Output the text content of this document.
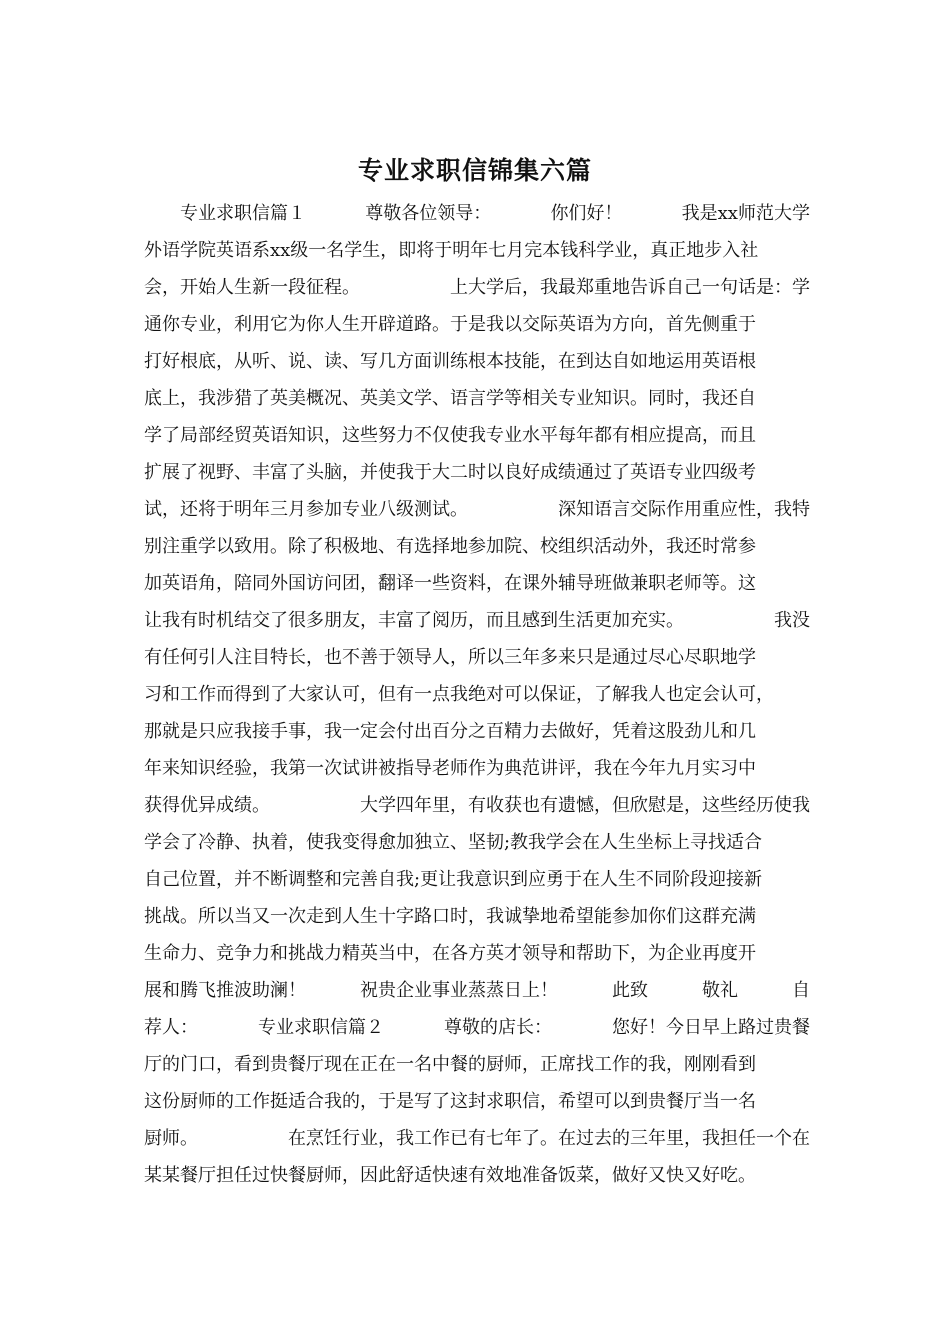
专业求职信锦集六篇
　　专业求职信篇１	尊敬各位领导：	你们好！	我是xx师范大学
外语学院英语系xx级一名学生，即将于明年七月完本钱科学业，真正地步入社
会，开始人生新一段征程。	上大学后，我最郑重地告诉自己一句话是：学
通你专业，利用它为你人生开辟道路。于是我以交际英语为方向，首先侧重于
打好根底，从听、说、读、写几方面训练根本技能，在到达自如地运用英语根
底上，我涉猎了英美概况、英美文学、语言学等相关专业知识。同时，我还自
学了局部经贸英语知识，这些努力不仅使我专业水平每年都有相应提高，而且
扩展了视野、丰富了头脑，并使我于大二时以良好成绩通过了英语专业四级考
试，还将于明年三月参加专业八级测试。	深知语言交际作用重应性，我特
别注重学以致用。除了积极地、有选择地参加院、校组织活动外，我还时常参
加英语角，陪同外国访问团，翻译一些资料，在课外辅导班做兼职老师等。这
让我有时机结交了很多朋友，丰富了阅历，而且感到生活更加充实。	我没
有任何引人注目特长，也不善于领导人，所以三年多来只是通过尽心尽职地学
习和工作而得到了大家认可，但有一点我绝对可以保证，了解我人也定会认可，
那就是只应我接手事，我一定会付出百分之百精力去做好，凭着这股劲儿和几
年来知识经验，我第一次试讲被指导老师作为典范讲评，我在今年九月实习中
获得优异成绩。	大学四年里，有收获也有遗憾，但欣慰是，这些经历使我
学会了冷静、执着，使我变得愈加独立、坚韧;教我学会在人生坐标上寻找适合
自己位置，并不断调整和完善自我;更让我意识到应勇于在人生不同阶段迎接新
挑战。所以当又一次走到人生十字路口时，我诚挚地希望能参加你们这群充满
生命力、竞争力和挑战力精英当中，在各方英才领导和帮助下，为企业再度开
展和腾飞推波助澜！	祝贵企业事业蒸蒸日上！	此致	敬礼	自
荐人：	专业求职信篇２	尊敬的店长：	您好！今日早上路过贵餐
厅的门口，看到贵餐厅现在正在一名中餐的厨师，正席找工作的我，刚刚看到
这份厨师的工作挺适合我的，于是写了这封求职信，希望可以到贵餐厅当一名
厨师。	在烹饪行业，我工作已有七年了。在过去的三年里，我担任一个在
某某餐厅担任过快餐厨师，因此舒适快速有效地准备饭菜，做好又快又好吃。
